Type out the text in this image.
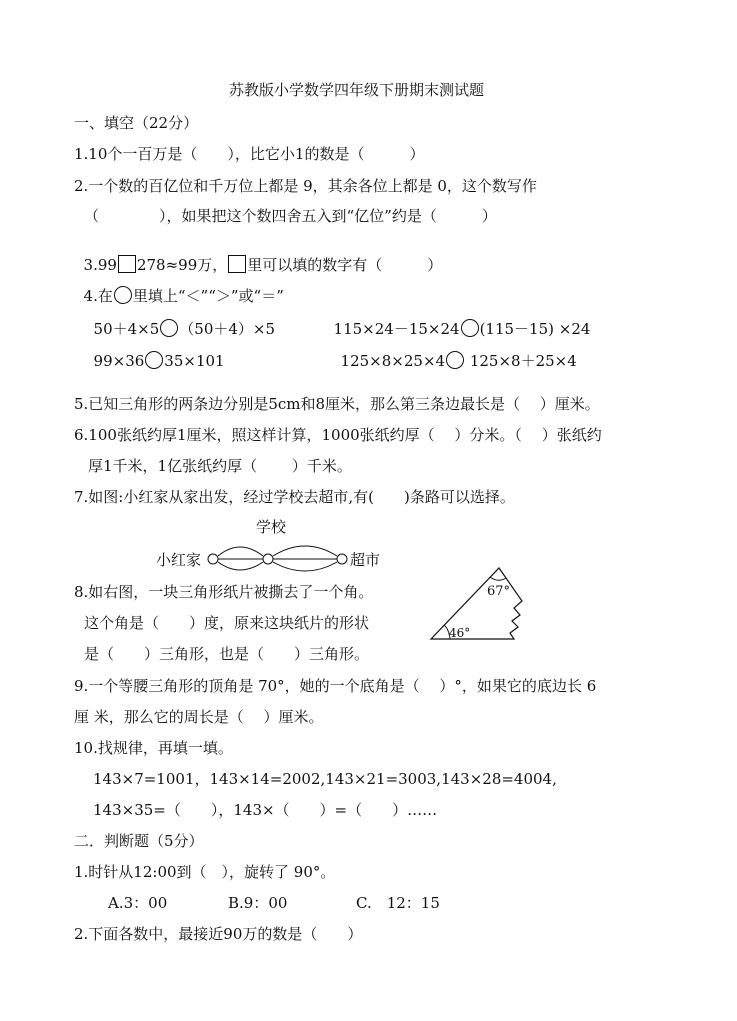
苏教版小学数学四年级下册期末测试题
一、填空（22分）
1.10个一百万是（　　），比它小1的数是（　　　）
2.一个数的百亿位和千万位上都是 9，其余各位上都是 0，这个数写作
（　　　　），如果把这个数四舍五入到“亿位”约是（　　　）

3.99 278≈99万， 里可以填的数字有（　　　）

4.在 里填上“＜”“＞”或“＝”

50＋4×5 （50＋4）×5	115×24－15×24 (115－15) ×24

99×36 35×101	125×8×25×4 125×8＋25×4

5.已知三角形的两条边分别是5cm和8厘米，那么第三条边最长是（　 ）厘米。
6.100张纸约厚1厘米，照这样计算，1000张纸约厚（　 ）分米。（　 ）张纸约
厚1千米，1亿张纸约厚（　　 ）千米。
7.如图:小红家从家出发，经过学校去超市,有(　　)条路可以选择。
学校
小红家	超市
8.如右图，一块三角形纸片被撕去了一个角。
这个角是（　　）度，原来这块纸片的形状
是（　　）三角形，也是（　　）三角形。
67°
46°
9.一个等腰三角形的顶角是 70°，她的一个底角是（　 ）°，如果它的底边长 6
厘 米，那么它的周长是（　 ）厘米。
10.找规律，再填一填。
143×7=1001，143×14=2002,143×21=3003,143×28=4004,
143×35=（　　），143×（　　）=（　　）……
二．判断题（5分）
1.时针从12:00到（　），旋转了 90°。
A.3：00	B.9：00	C.　12：15
2.下面各数中，最接近90万的数是（　　）
